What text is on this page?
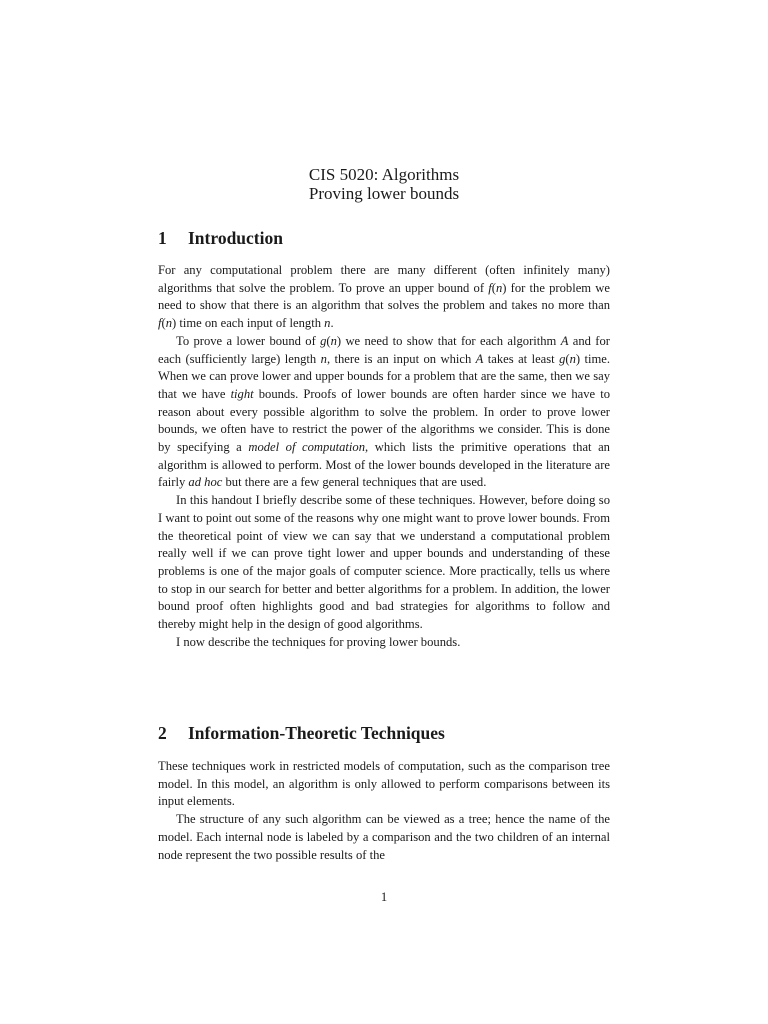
CIS 5020: Algorithms
Proving lower bounds
1 Introduction

For any computational problem there are many different (often infinitely many) algorithms that solve the problem. To prove an upper bound of f(n) for the problem we need to show that there is an algorithm that solves the problem and takes no more than f(n) time on each input of length n.

To prove a lower bound of g(n) we need to show that for each algorithm A and for each (sufficiently large) length n, there is an input on which A takes at least g(n) time. When we can prove lower and upper bounds for a problem that are the same, then we say that we have tight bounds. Proofs of lower bounds are often harder since we have to reason about every possible algorithm to solve the problem. In order to prove lower bounds, we often have to restrict the power of the algorithms we consider. This is done by specifying a model of computation, which lists the primitive operations that an algorithm is allowed to perform. Most of the lower bounds developed in the literature are fairly ad hoc but there are a few general techniques that are used.

In this handout I briefly describe some of these techniques. However, before doing so I want to point out some of the reasons why one might want to prove lower bounds. From the theoretical point of view we can say that we understand a computational problem really well if we can prove tight lower and upper bounds and understanding of these problems is one of the major goals of computer science. More practically, tells us where to stop in our search for better and better algorithms for a problem. In addition, the lower bound proof often highlights good and bad strategies for algorithms to follow and thereby might help in the design of good algorithms.

I now describe the techniques for proving lower bounds.

2 Information-Theoretic Techniques

These techniques work in restricted models of computation, such as the comparison tree model. In this model, an algorithm is only allowed to perform comparisons between its input elements.

The structure of any such algorithm can be viewed as a tree; hence the name of the model. Each internal node is labeled by a comparison and the two children of an internal node represent the two possible results of the

1
